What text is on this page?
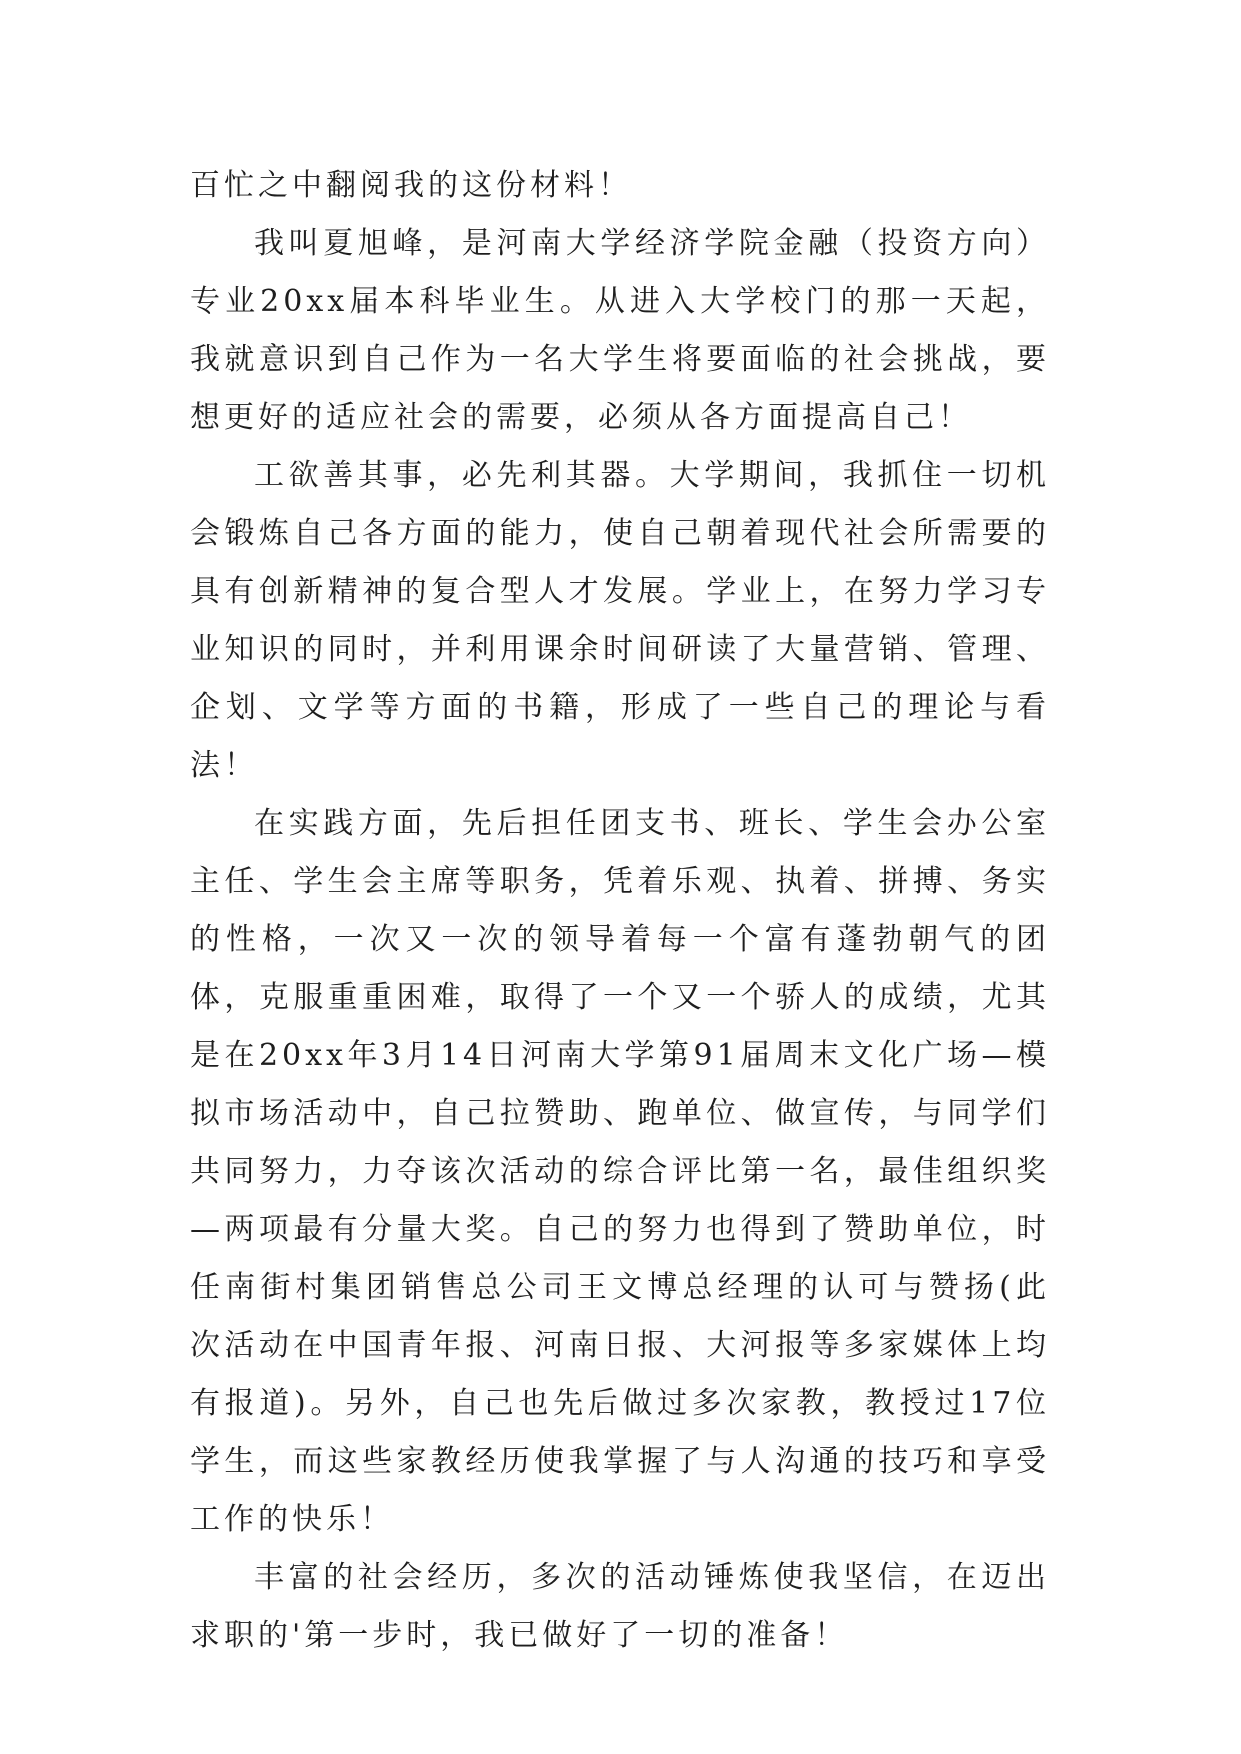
百忙之中翻阅我的这份材料！

我叫夏旭峰，是河南大学经济学院金融（投资方向）专业20xx届本科毕业生。从进入大学校门的那一天起，我就意识到自己作为一名大学生将要面临的社会挑战，要想更好的适应社会的需要，必须从各方面提高自己！

工欲善其事，必先利其器。大学期间，我抓住一切机会锻炼自己各方面的能力，使自己朝着现代社会所需要的具有创新精神的复合型人才发展。学业上，在努力学习专业知识的同时，并利用课余时间研读了大量营销、管理、企划、文学等方面的书籍，形成了一些自己的理论与看法！

在实践方面，先后担任团支书、班长、学生会办公室主任、学生会主席等职务，凭着乐观、执着、拼搏、务实的性格，一次又一次的领导着每一个富有蓬勃朝气的团体，克服重重困难，取得了一个又一个骄人的成绩，尤其是在20xx年3月14日河南大学第91届周末文化广场—模拟市场活动中，自己拉赞助、跑单位、做宣传，与同学们共同努力，力夺该次活动的综合评比第一名，最佳组织奖—两项最有分量大奖。自己的努力也得到了赞助单位，时任南街村集团销售总公司王文博总经理的认可与赞扬(此次活动在中国青年报、河南日报、大河报等多家媒体上均有报道)。另外，自己也先后做过多次家教，教授过17位学生，而这些家教经历使我掌握了与人沟通的技巧和享受工作的快乐！

丰富的社会经历，多次的活动锤炼使我坚信，在迈出求职的'第一步时，我已做好了一切的准备！
